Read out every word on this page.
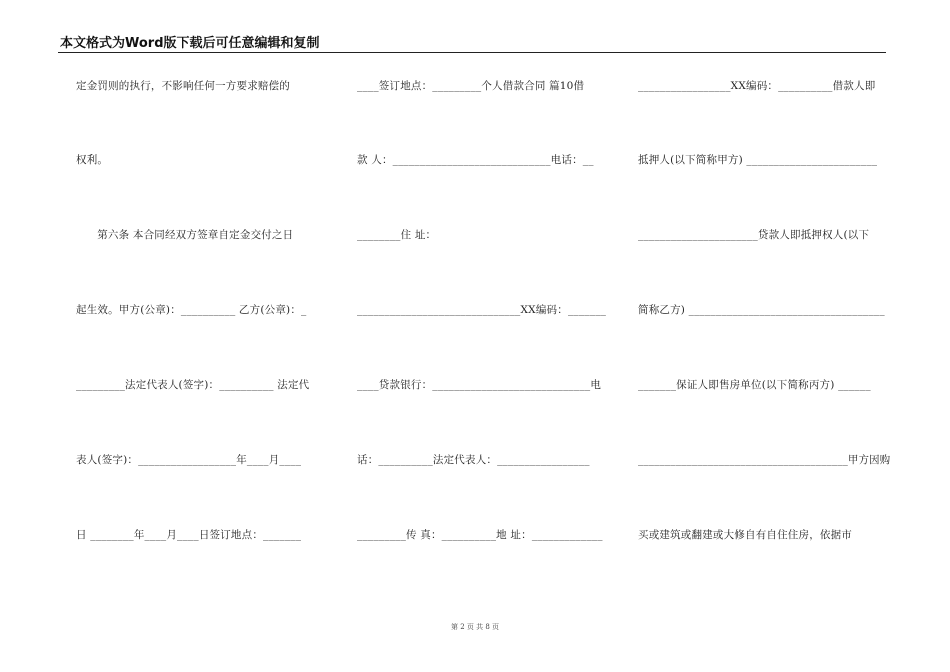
本文格式为Word版下载后可任意编辑和复制
定金罚则的执行，不影响任何一方要求赔偿的
权利。
第六条 本合同经双方签章自定金交付之日
起生效。甲方(公章)：__________ 乙方(公章)：_
_________法定代表人(签字)：__________ 法定代
表人(签字)：__________________年____月____
日 ________年____月____日签订地点：_______
____签订地点：_________个人借款合同 篇10借
款 人：_____________________________电话：__
________住 址：
______________________________XX编码：_______
____贷款银行：_____________________________电
话：__________法定代表人：_________________
_________传 真：__________地 址：_____________
_________________XX编码：__________借款人即
抵押人(以下简称甲方) ________________________
______________________贷款人即抵押权人(以下
简称乙方) ____________________________________
_______保证人即售房单位(以下简称丙方) ______
_______________________________________甲方因购
买或建筑或翻建或大修自有自住住房，依据市
第 2 页 共 8 页
